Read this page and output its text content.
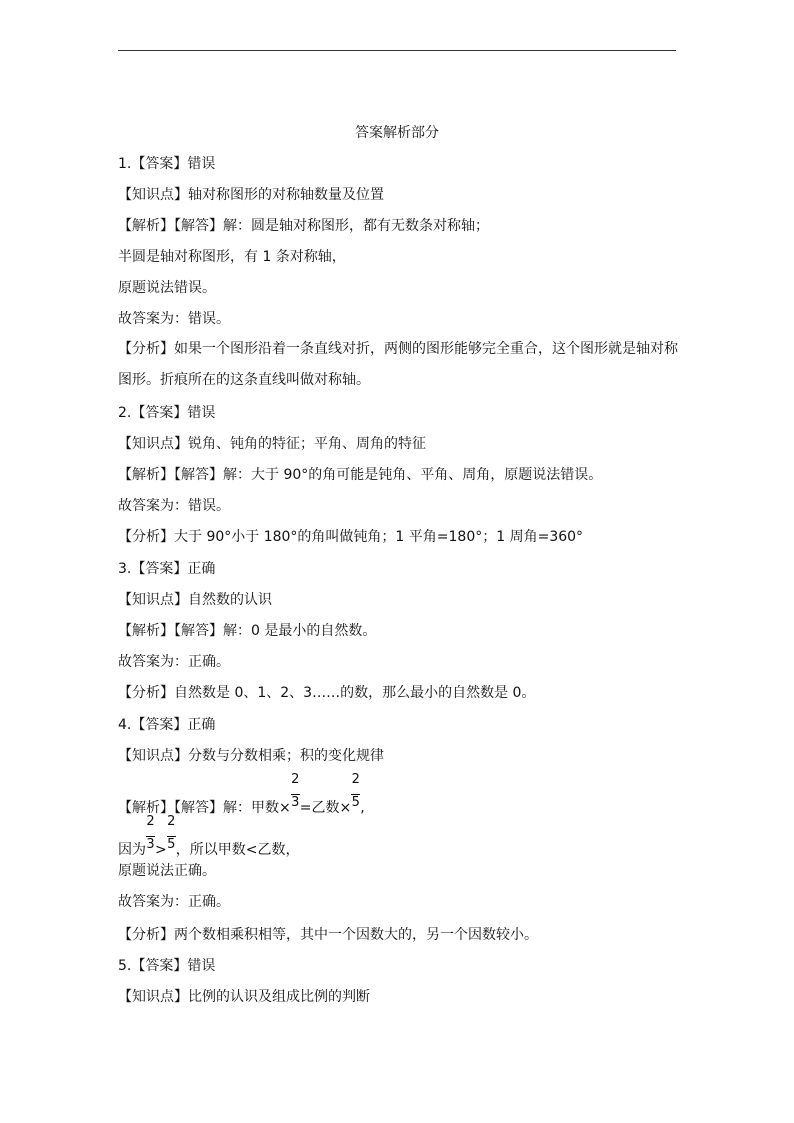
答案解析部分
1.【答案】错误
【知识点】轴对称图形的对称轴数量及位置
【解析】【解答】解：圆是轴对称图形，都有无数条对称轴；
半圆是轴对称图形，有 1 条对称轴，
原题说法错误。
故答案为：错误。
【分析】如果一个图形沿着一条直线对折，两侧的图形能够完全重合，这个图形就是轴对称图形。折痕所在的这条直线叫做对称轴。
2.【答案】错误
【知识点】锐角、钝角的特征；平角、周角的特征
【解析】【解答】解：大于 90°的角可能是钝角、平角、周角，原题说法错误。
故答案为：错误。
【分析】大于 90°小于 180°的角叫做钝角；1 平角=180°；1 周角=360°
3.【答案】正确
【知识点】自然数的认识
【解析】【解答】解：0 是最小的自然数。
故答案为：正确。
【分析】自然数是 0、1、2、3……的数，那么最小的自然数是 0。
4.【答案】正确
【知识点】分数与分数相乘；积的变化规律
【解析】【解答】解：甲数× $\frac{2}{3}$ =乙数× $\frac{2}{5}$ ,
因为 $\frac{2}{3} > \frac{2}{5}$ ，所以甲数<乙数，
原题说法正确。
故答案为：正确。
【分析】两个数相乘积相等，其中一个因数大的，另一个因数较小。
5.【答案】错误
【知识点】比例的认识及组成比例的判断
